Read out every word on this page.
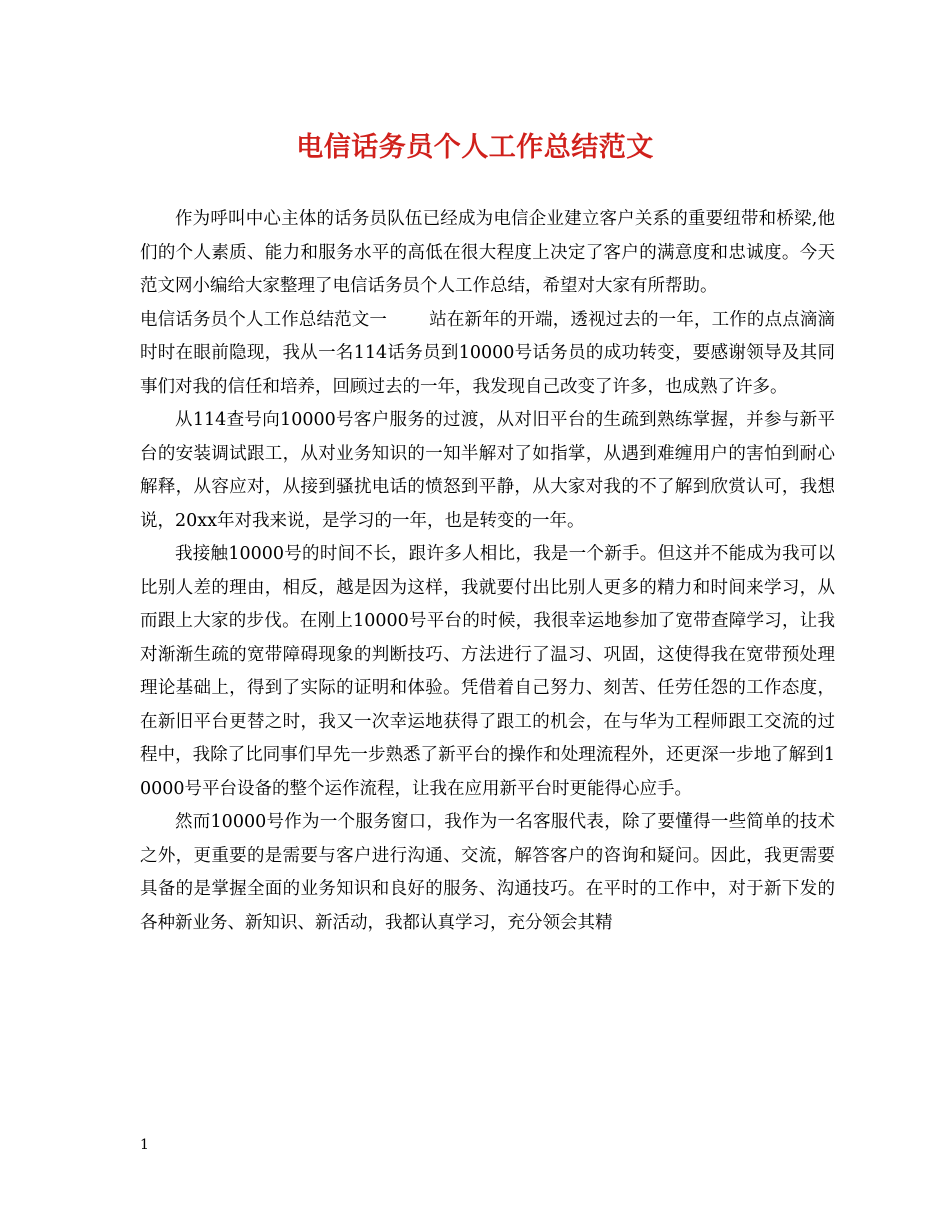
电信话务员个人工作总结范文

作为呼叫中心主体的话务员队伍已经成为电信企业建立客户关系的重要纽带和桥梁,他们的个人素质、能力和服务水平的高低在很大程度上决定了客户的满意度和忠诚度。今天范文网小编给大家整理了电信话务员个人工作总结，希望对大家有所帮助。

电信话务员个人工作总结范文一 站在新年的开端，透视过去的一年，工作的点点滴滴时时在眼前隐现，我从一名114话务员到10000号话务员的成功转变，要感谢领导及其同事们对我的信任和培养，回顾过去的一年，我发现自己改变了许多，也成熟了许多。

从114查号向10000号客户服务的过渡，从对旧平台的生疏到熟练掌握，并参与新平台的安装调试跟工，从对业务知识的一知半解对了如指掌，从遇到难缠用户的害怕到耐心解释，从容应对，从接到骚扰电话的愤怒到平静，从大家对我的不了解到欣赏认可，我想说，20xx年对我来说，是学习的一年，也是转变的一年。

我接触10000号的时间不长，跟许多人相比，我是一个新手。但这并不能成为我可以比别人差的理由，相反，越是因为这样，我就要付出比别人更多的精力和时间来学习，从而跟上大家的步伐。在刚上10000号平台的时候，我很幸运地参加了宽带查障学习，让我对渐渐生疏的宽带障碍现象的判断技巧、方法进行了温习、巩固，这使得我在宽带预处理理论基础上，得到了实际的证明和体验。凭借着自己努力、刻苦、任劳任怨的工作态度，在新旧平台更替之时，我又一次幸运地获得了跟工的机会，在与华为工程师跟工交流的过程中，我除了比同事们早先一步熟悉了新平台的操作和处理流程外，还更深一步地了解到10000号平台设备的整个运作流程，让我在应用新平台时更能得心应手。

然而10000号作为一个服务窗口，我作为一名客服代表，除了要懂得一些简单的技术之外，更重要的是需要与客户进行沟通、交流，解答客户的咨询和疑问。因此，我更需要具备的是掌握全面的业务知识和良好的服务、沟通技巧。在平时的工作中，对于新下发的各种新业务、新知识、新活动，我都认真学习，充分领会其精

1
